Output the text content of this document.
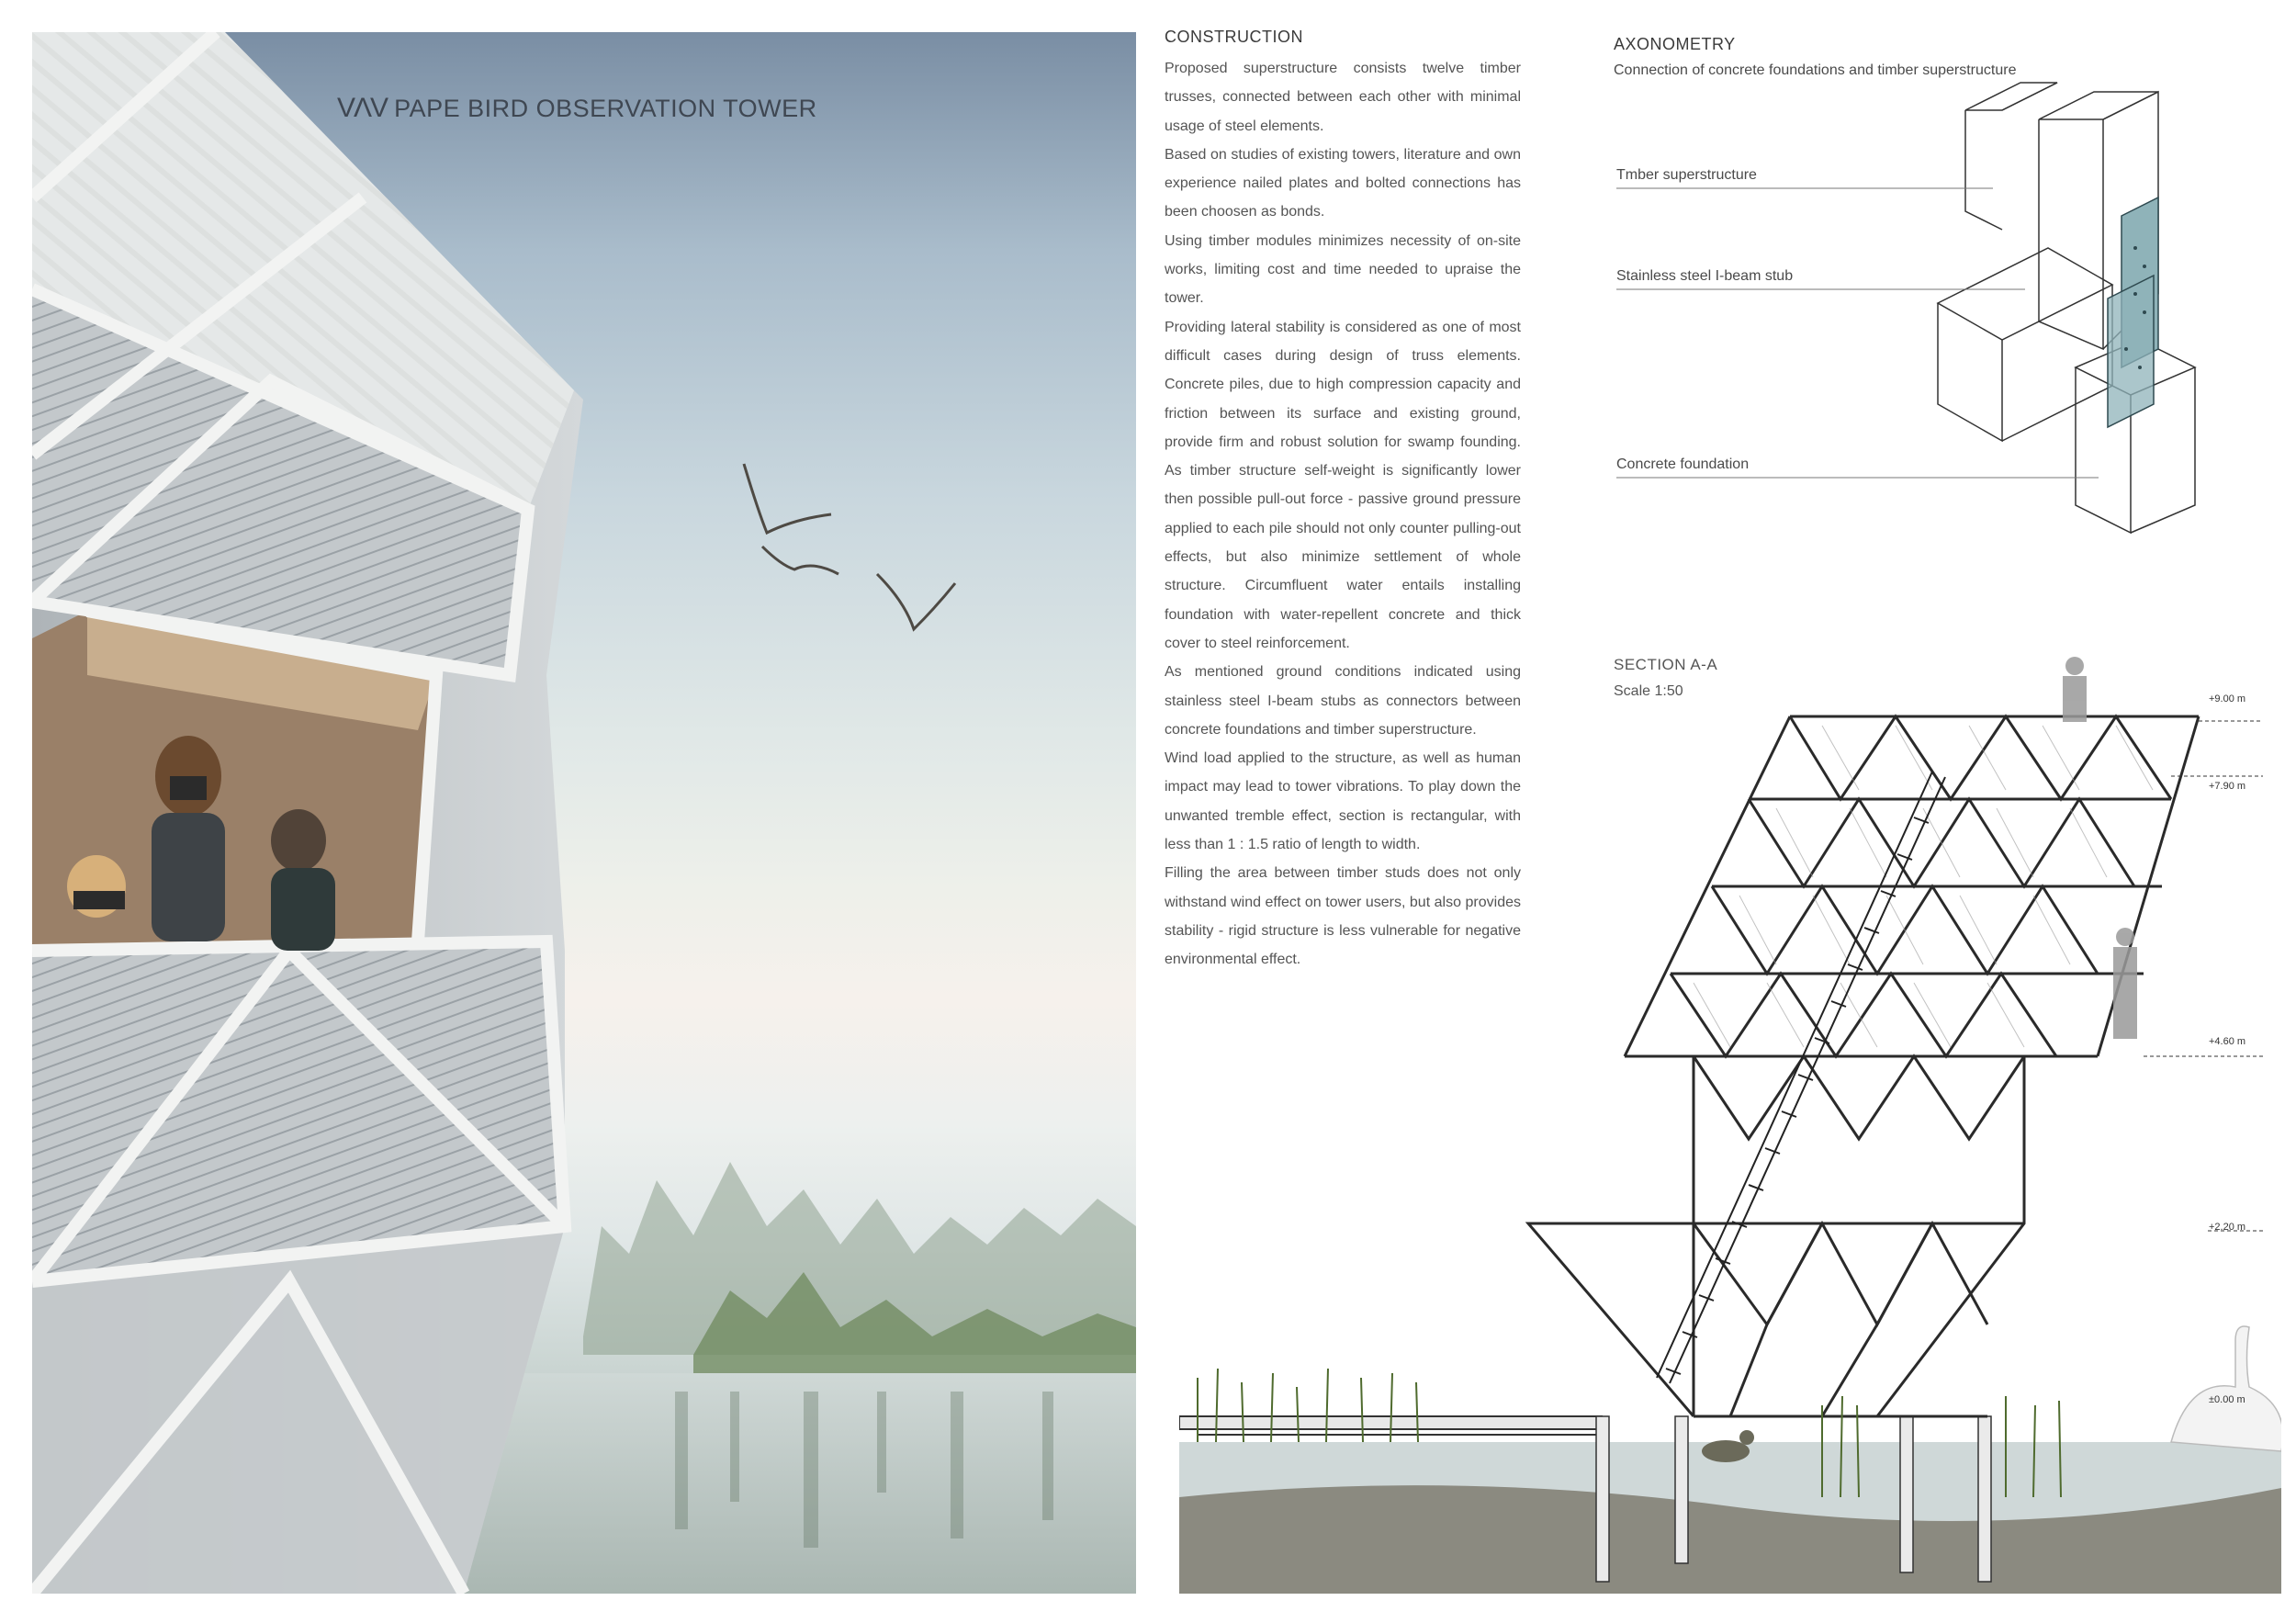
VΛV PAPE BIRD OBSERVATION TOWER
CONSTRUCTION

Proposed superstructure consists twelve timber trusses, connected between each other with minimal usage of steel elements.

Based on studies of existing towers, literature and own experience nailed plates and bolted connections has been choosen as bonds.

Using timber modules minimizes necessity of on-site works, limiting cost and time needed to upraise the tower.

Providing lateral stability is considered as one of most difficult cases during design of truss elements. Concrete piles, due to high compression capacity and friction between its surface and existing ground, provide firm and robust solution for swamp founding. As timber structure self-weight is significantly lower then possible pull-out force - passive ground pressure applied to each pile should not only counter pulling-out effects, but also minimize settlement of whole structure. Circumfluent water entails installing foundation with water-repellent concrete and thick cover to steel reinforcement.

As mentioned ground conditions indicated using stainless steel I-beam stubs as connectors between concrete foundations and timber superstructure.

Wind load applied to the structure, as well as human impact may lead to tower vibrations. To play down the unwanted tremble effect, section is rectangular, with less than 1 : 1.5 ratio of length to width.

Filling the area between timber studs does not only withstand wind effect on tower users, but also provides stability - rigid structure is less vulnerable for negative environmental effect.

AXONOMETRY
Connection of concrete foundations and timber superstructure
Tmber superstructure
Stainless steel I-beam stub
Concrete foundation
SECTION A-A
Scale 1:50	+9.00 m
+7.90 m
+4.60 m
+2.20 m
±0.00 m
